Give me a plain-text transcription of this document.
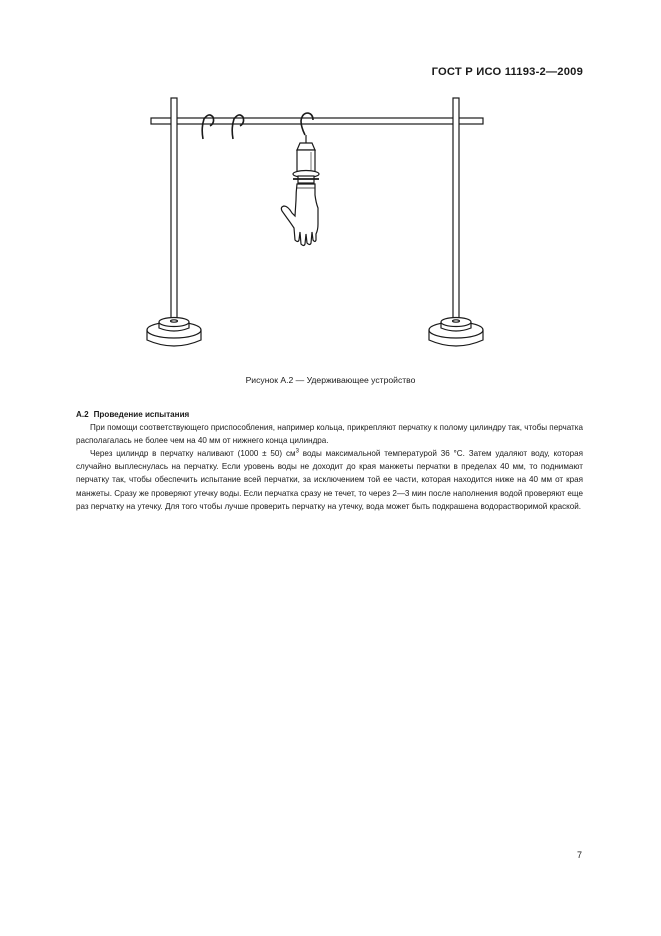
ГОСТ Р ИСО 11193-2—2009
Рисунок А.2 — Удерживающее устройство

А.2 Проведение испытания

При помощи соответствующего приспособления, например кольца, прикрепляют перчатку к полому цилиндру так, чтобы перчатка располагалась не более чем на 40 мм от нижнего конца цилиндра.

Через цилиндр в перчатку наливают (1000 ± 50) $см^3$ воды максимальной температурой 36 °С. Затем удаляют воду, которая случайно выплеснулась на перчатку. Если уровень воды не доходит до края манжеты перчатки в пределах 40 мм, то поднимают перчатку так, чтобы обеспечить испытание всей перчатки, за исключением той ее части, которая находится ниже на 40 мм от края манжеты. Сразу же проверяют утечку воды. Если перчатка сразу не течет, то через 2—3 мин после наполнения водой проверяют еще раз перчатку на утечку. Для того чтобы лучше проверить перчатку на утечку, вода может быть подкрашена водорастворимой краской.

7
